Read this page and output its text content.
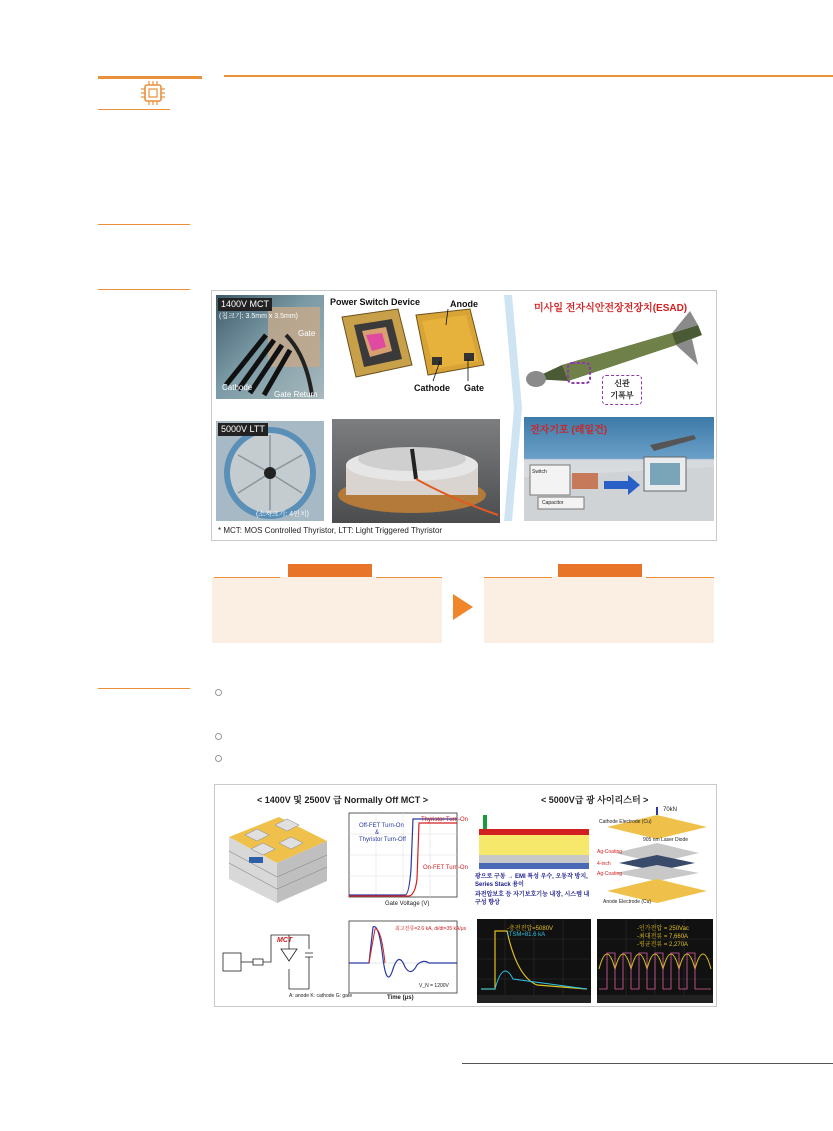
1400V MCT
(칩크기: 3.5mm x 3.5mm)
Gate
Cathode
Gate Return
Power Switch Device	Anode
Cathode Gate
5000V LTT
(소자크기: 4인치)
미사일 전자식안전장전장치(ESAD)
신관
기폭부
전자기포 (레일건)
Switch
Capacitor
* MCT: MOS Controlled Thyristor, LTT: Light Triggered Thyristor
< 1400V 및 2500V 급 Normally Off MCT >	< 5000V급 광 사이리스터 >
Off-FET Turn-On
&
Thyristor Turn-Off
Thyristor Turn-On
On-FET Turn-On
Gate Voltage (V)
MCT
A: anode K: cathode G: gate
최고전류=2.6 kA, di/dt=35 kA/μs
V_N = 1200V
Time (μs)
광으로 구동 → EMI 특성 우수, 오동작 방지, Series Stack 용이
과전압보호 등 자기보호기능 내장, 시스템 내구성 향상
70kN
Cathode Electrode (Cu)
905 nm Laser Diode
Ag-Coating
4-inch
Ag-Coating
Anode Electrode (Cu)
-충전전압=5080V
ITSM=81.6 kA
-인가전압 = 250Vac
-최대전류 = 7,660A
-평균전류 = 2,270A
